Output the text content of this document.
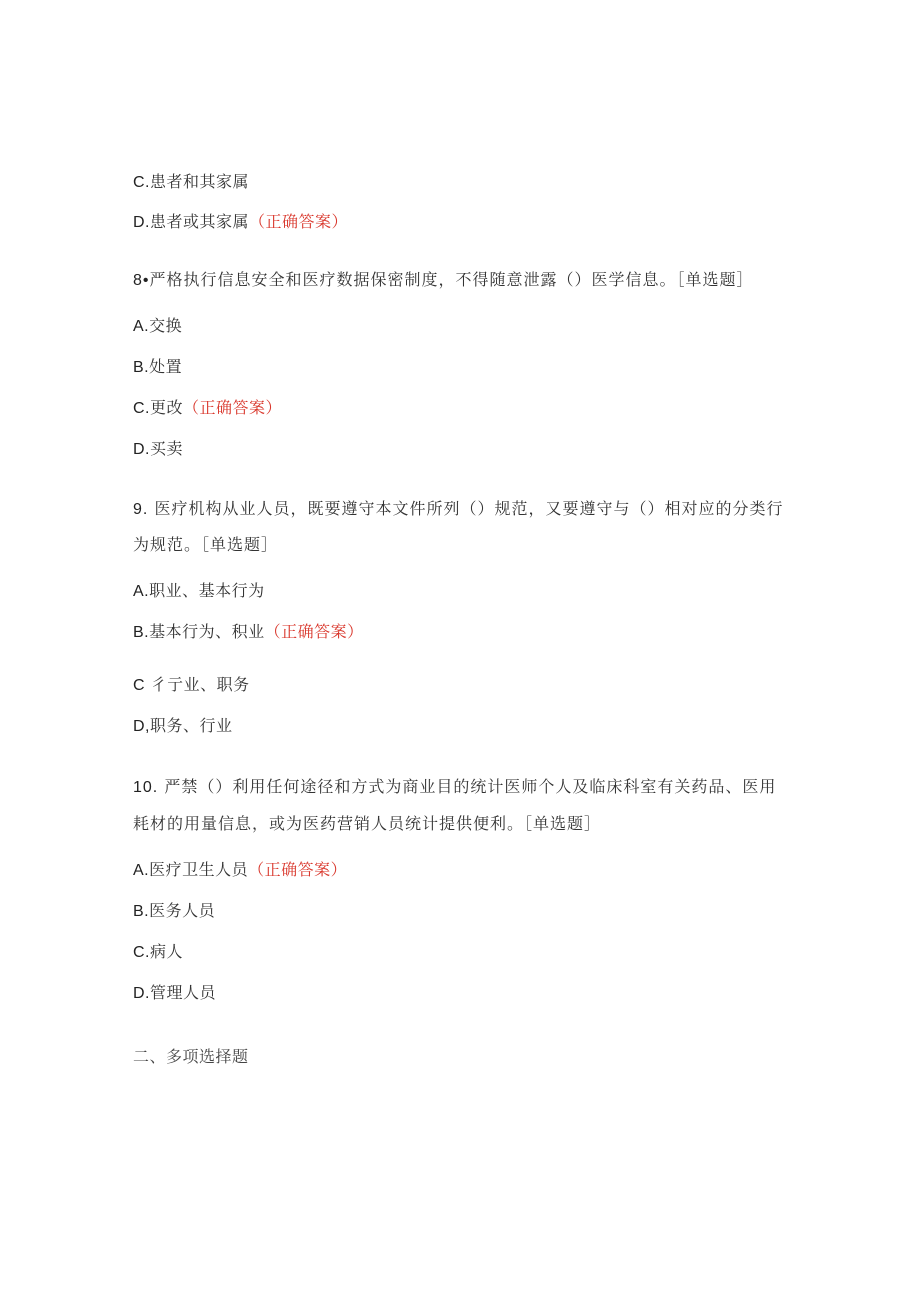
C.患者和其家属
D.患者或其家属（正确答案）
8•严格执行信息安全和医疗数据保密制度，不得随意泄露（）医学信息。［单选题］
A.交换
B.处置
C.更改（正确答案）
D.买卖
9. 医疗机构从业人员，既要遵守本文件所列（）规范，又要遵守与（）相对应的分类行
为规范。［单选题］
A.职业、基本行为
B.基本行为、积业（正确答案）
C 彳亍业、职务
D,职务、行业
10. 严禁（）利用任何途径和方式为商业目的统计医师个人及临床科室有关药品、医用
耗材的用量信息，或为医药营销人员统计提供便利。［单选题］
A.医疗卫生人员（正确答案）
B.医务人员
C.病人
D.管理人员
二、多项选择题
